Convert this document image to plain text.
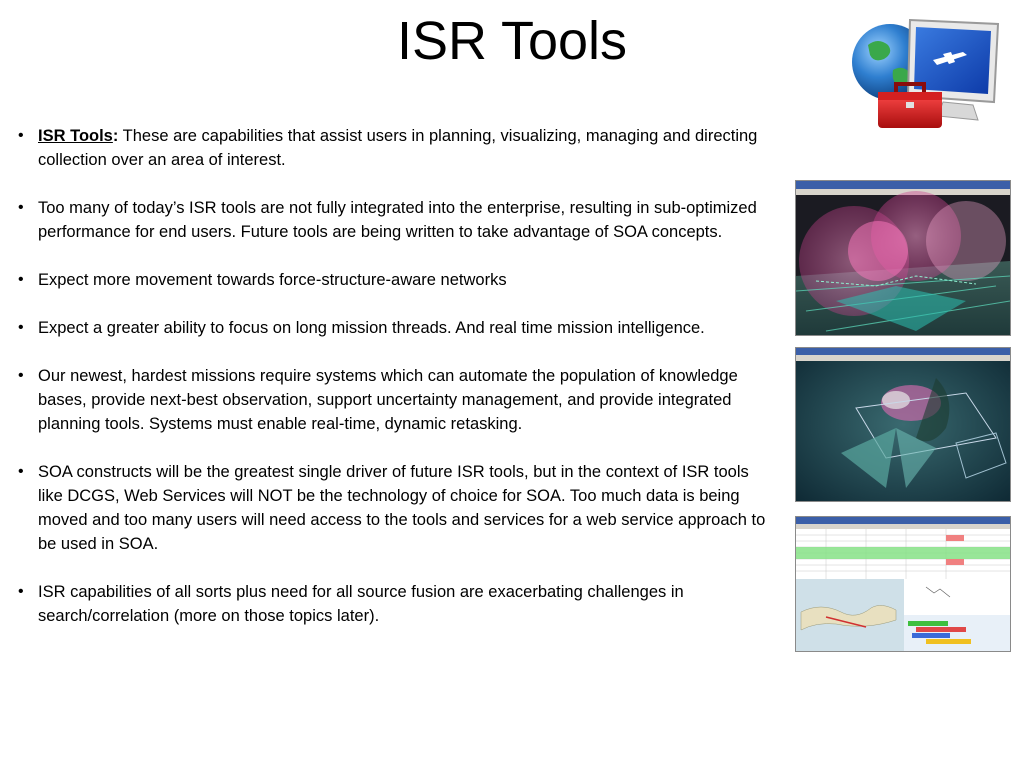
ISR Tools
• ISR Tools: These are capabilities that assist users in planning, visualizing, managing and directing collection over an area of interest.
• Too many of today’s ISR tools are not fully integrated into the enterprise, resulting in sub-optimized performance for end users. Future tools are being written to take advantage of SOA concepts.
• Expect more movement towards force-structure-aware networks
• Expect a greater ability to focus on long mission threads. And real time mission intelligence.
• Our newest, hardest missions require systems which can automate the population of knowledge bases, provide next-best observation, support uncertainty management, and provide integrated planning tools. Systems must enable real-time, dynamic retasking.
• SOA constructs will be the greatest single driver of future ISR tools, but in the context of ISR tools like DCGS, Web Services will NOT be the technology of choice for SOA. Too much data is being moved and too many users will need access to the tools and services for a web service approach to be used in SOA.
• ISR capabilities of all sorts plus need for all source fusion are exacerbating challenges in search/correlation (more on those topics later).
